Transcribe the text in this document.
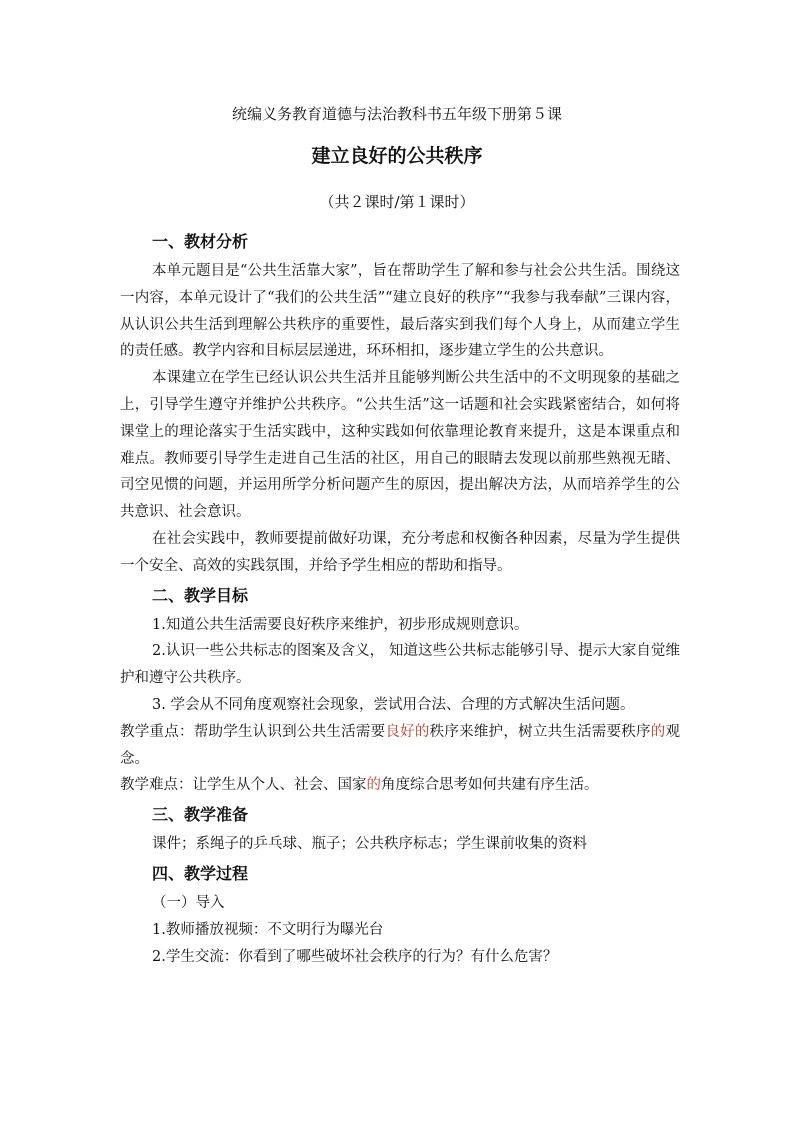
统编义务教育道德与法治教科书五年级下册第５课
建立良好的公共秩序
（共２课时/第１课时）
一、教材分析
本单元题目是“公共生活靠大家”，旨在帮助学生了解和参与社会公共生活。围绕这一内容，本单元设计了“我们的公共生活”“建立良好的秩序”“我参与我奉献”三课内容，从认识公共生活到理解公共秩序的重要性，最后落实到我们每个人身上，从而建立学生的责任感。教学内容和目标层层递进，环环相扣，逐步建立学生的公共意识。
本课建立在学生已经认识公共生活并且能够判断公共生活中的不文明现象的基础之上，引导学生遵守并维护公共秩序。“公共生活”这一话题和社会实践紧密结合，如何将课堂上的理论落实于生活实践中，这种实践如何依靠理论教育来提升，这是本课重点和难点。教师要引导学生走进自己生活的社区，用自己的眼睛去发现以前那些熟视无睹、司空见惯的问题，并运用所学分析问题产生的原因，提出解决方法，从而培养学生的公共意识、社会意识。
在社会实践中，教师要提前做好功课，充分考虑和权衡各种因素，尽量为学生提供一个安全、高效的实践氛围，并给予学生相应的帮助和指导。
二、教学目标
1.知道公共生活需要良好秩序来维护，初步形成规则意识。
2.认识一些公共标志的图案及含义， 知道这些公共标志能够引导、提示大家自觉维护和遵守公共秩序。
3. 学会从不同角度观察社会现象，尝试用合法、合理的方式解决生活问题。
教学重点：帮助学生认识到公共生活需要良好的秩序来维护，树立共生活需要秩序的观念。
教学难点：让学生从个人、社会、国家的角度综合思考如何共建有序生活。
三、教学准备
课件；系绳子的乒乓球、瓶子；公共秩序标志；学生课前收集的资料
四、教学过程
（一）导入
1.教师播放视频：不文明行为曝光台
2.学生交流：你看到了哪些破坏社会秩序的行为？有什么危害？
